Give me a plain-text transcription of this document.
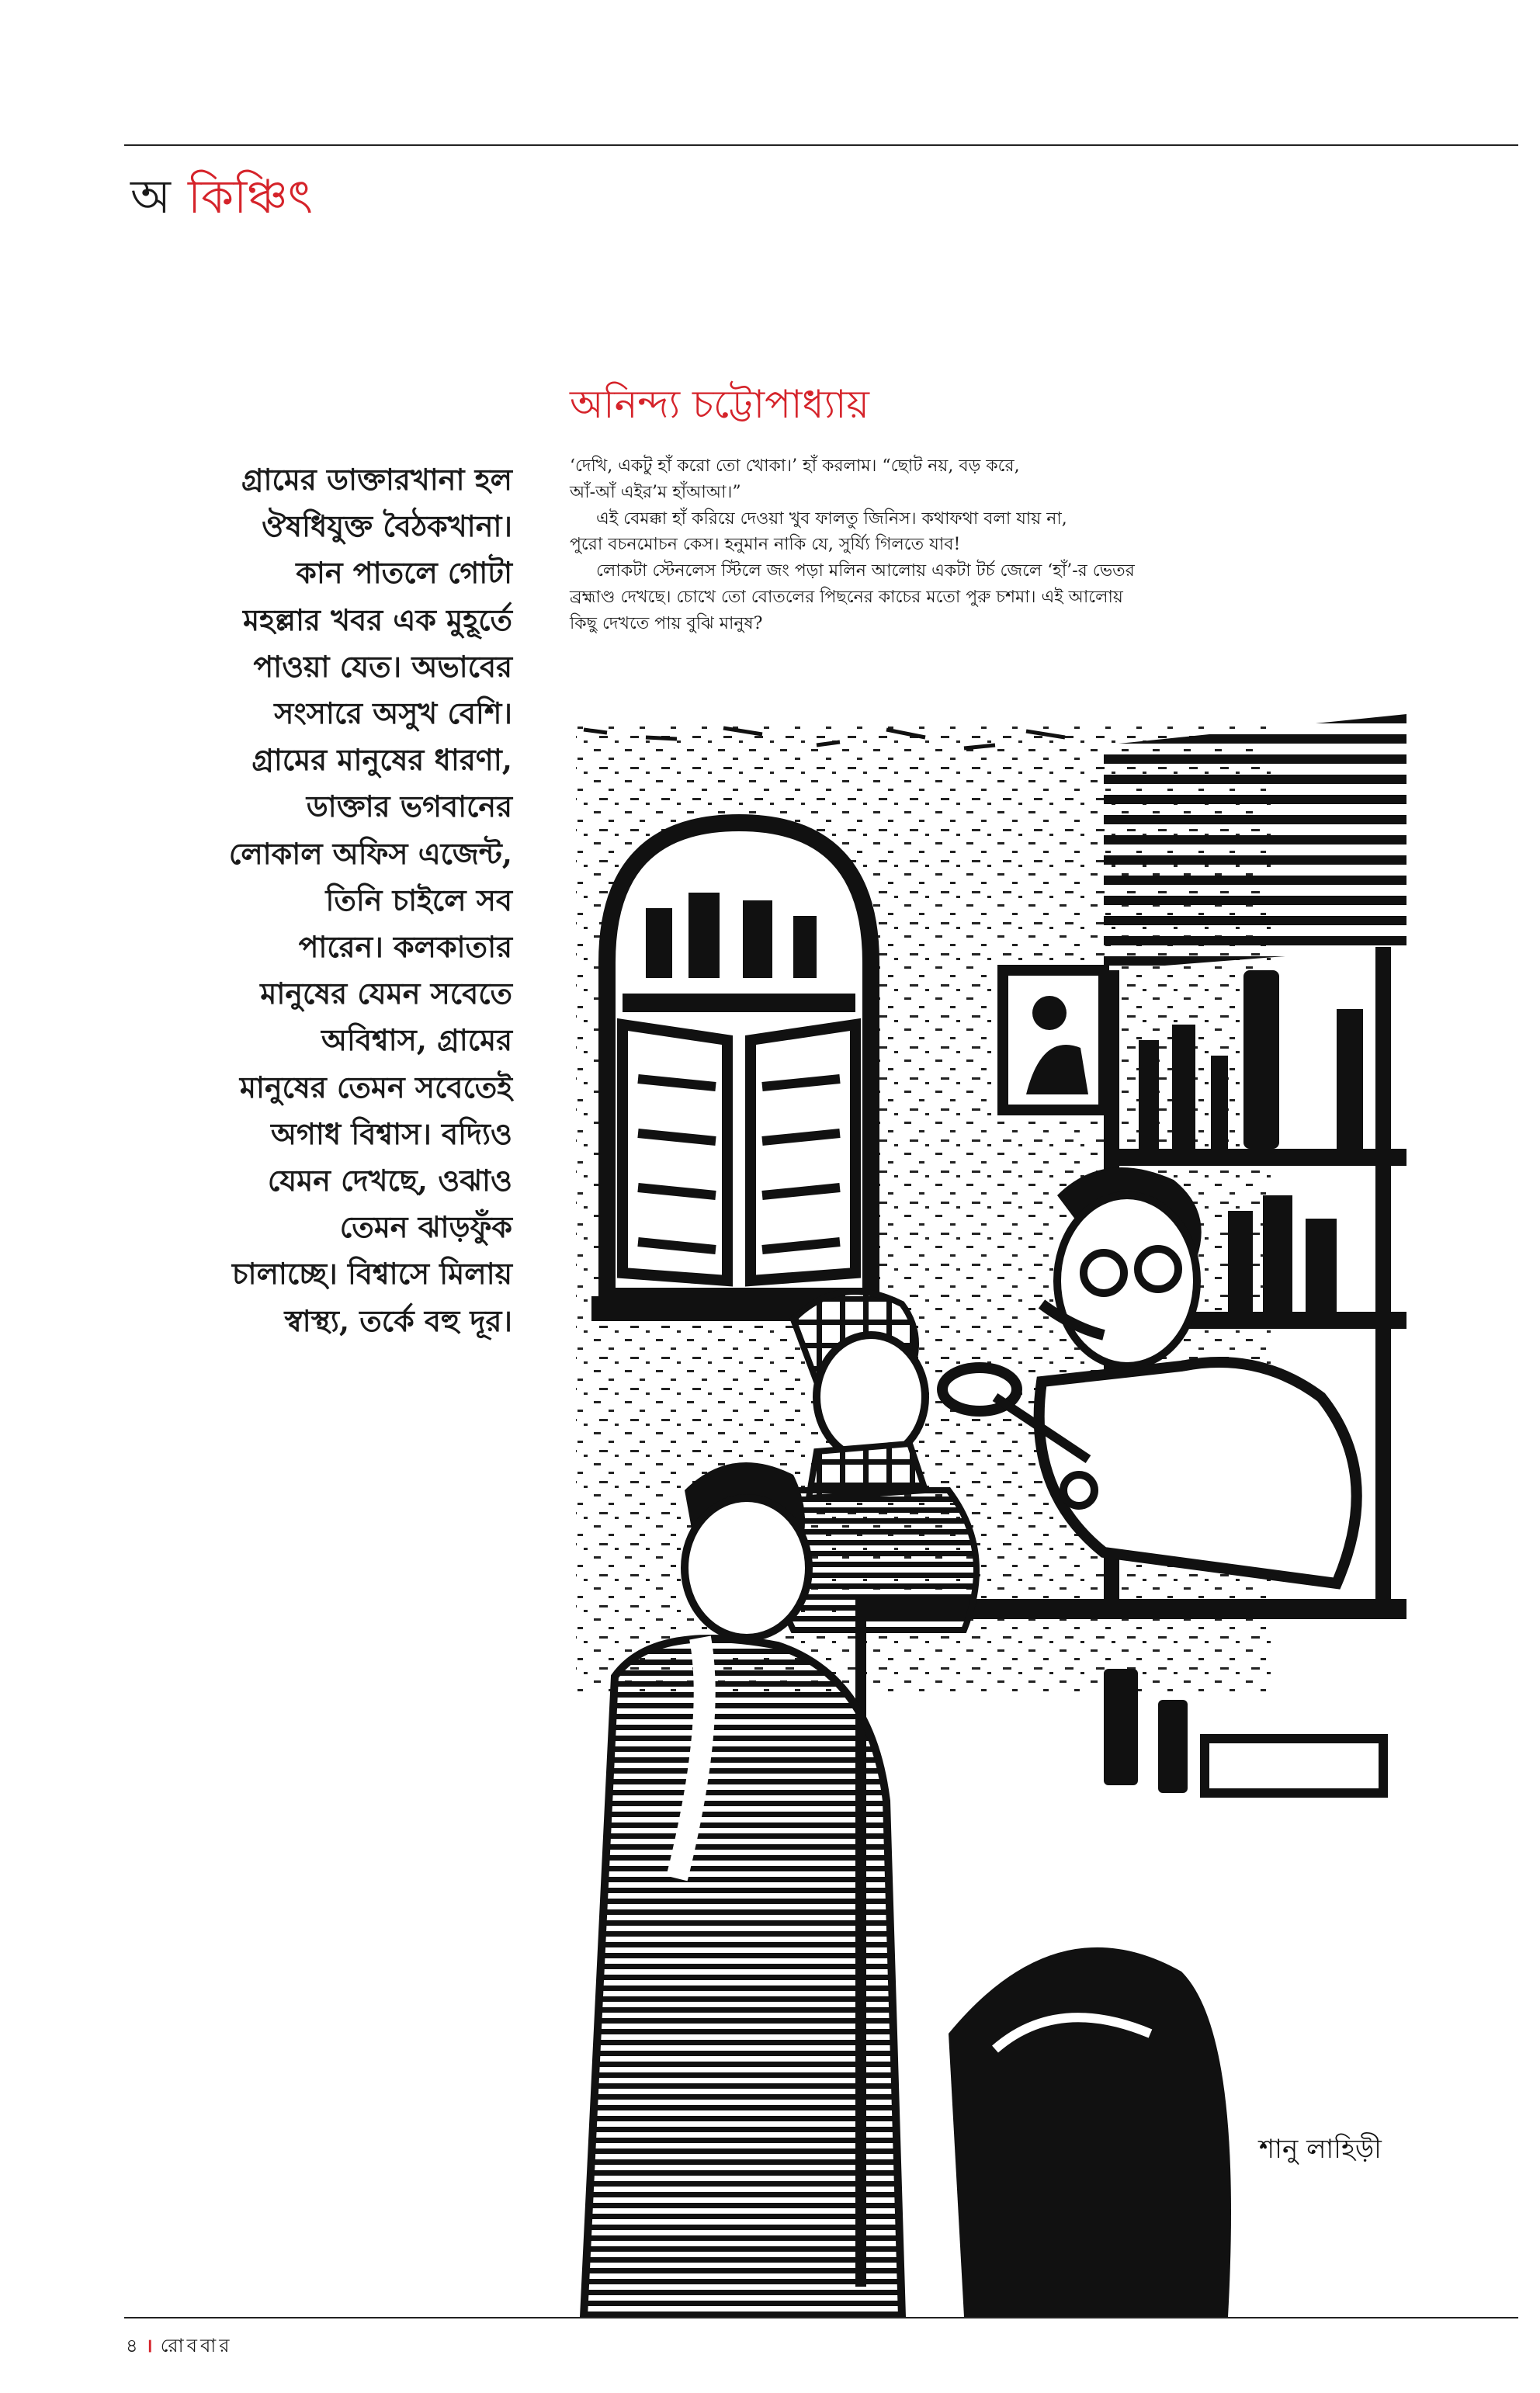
অ কিঞ্চিৎ
অনিন্দ্য চট্টোপাধ্যায়
গ্রামের ডাক্তারখানা হল
ঔষধিযুক্ত বৈঠকখানা।
কান পাতলে গোটা
মহল্লার খবর এক মুহূর্তে
পাওয়া যেত। অভাবের
সংসারে অসুখ বেশি।
গ্রামের মানুষের ধারণা,
ডাক্তার ভগবানের
লোকাল অফিস এজেন্ট,
তিনি চাইলে সব
পারেন। কলকাতার
মানুষের যেমন সবেতে
অবিশ্বাস, গ্রামের
মানুষের তেমন সবেতেই
অগাধ বিশ্বাস। বদ্যিও
যেমন দেখছে, ওঝাও
তেমন ঝাড়ফুঁক
চালাচ্ছে। বিশ্বাসে মিলায়
স্বাস্থ্য, তর্কে বহু দূর।
‘দেখি, একটু হাঁ করো তো খোকা।’ হাঁ করলাম। “ছোট নয়, বড় করে,
আঁ-আঁ এইর’ম হাঁআআ।”
এই বেমক্কা হাঁ করিয়ে দেওয়া খুব ফালতু জিনিস। কথাফথা বলা যায় না,
পুরো বচনমোচন কেস। হনুমান নাকি যে, সুর্য্যি গিলতে যাব!
লোকটা স্টেনলেস স্টিলে জং পড়া মলিন আলোয় একটা টর্চ জেলে ‘হাঁ’-র ভেতর
ব্রহ্মাণ্ড দেখছে। চোখে তো বোতলের পিছনের কাচের মতো পুরু চশমা। এই আলোয়
কিছু দেখতে পায় বুঝি মানুষ?
শানু লাহিড়ী
৪ । রোববার
